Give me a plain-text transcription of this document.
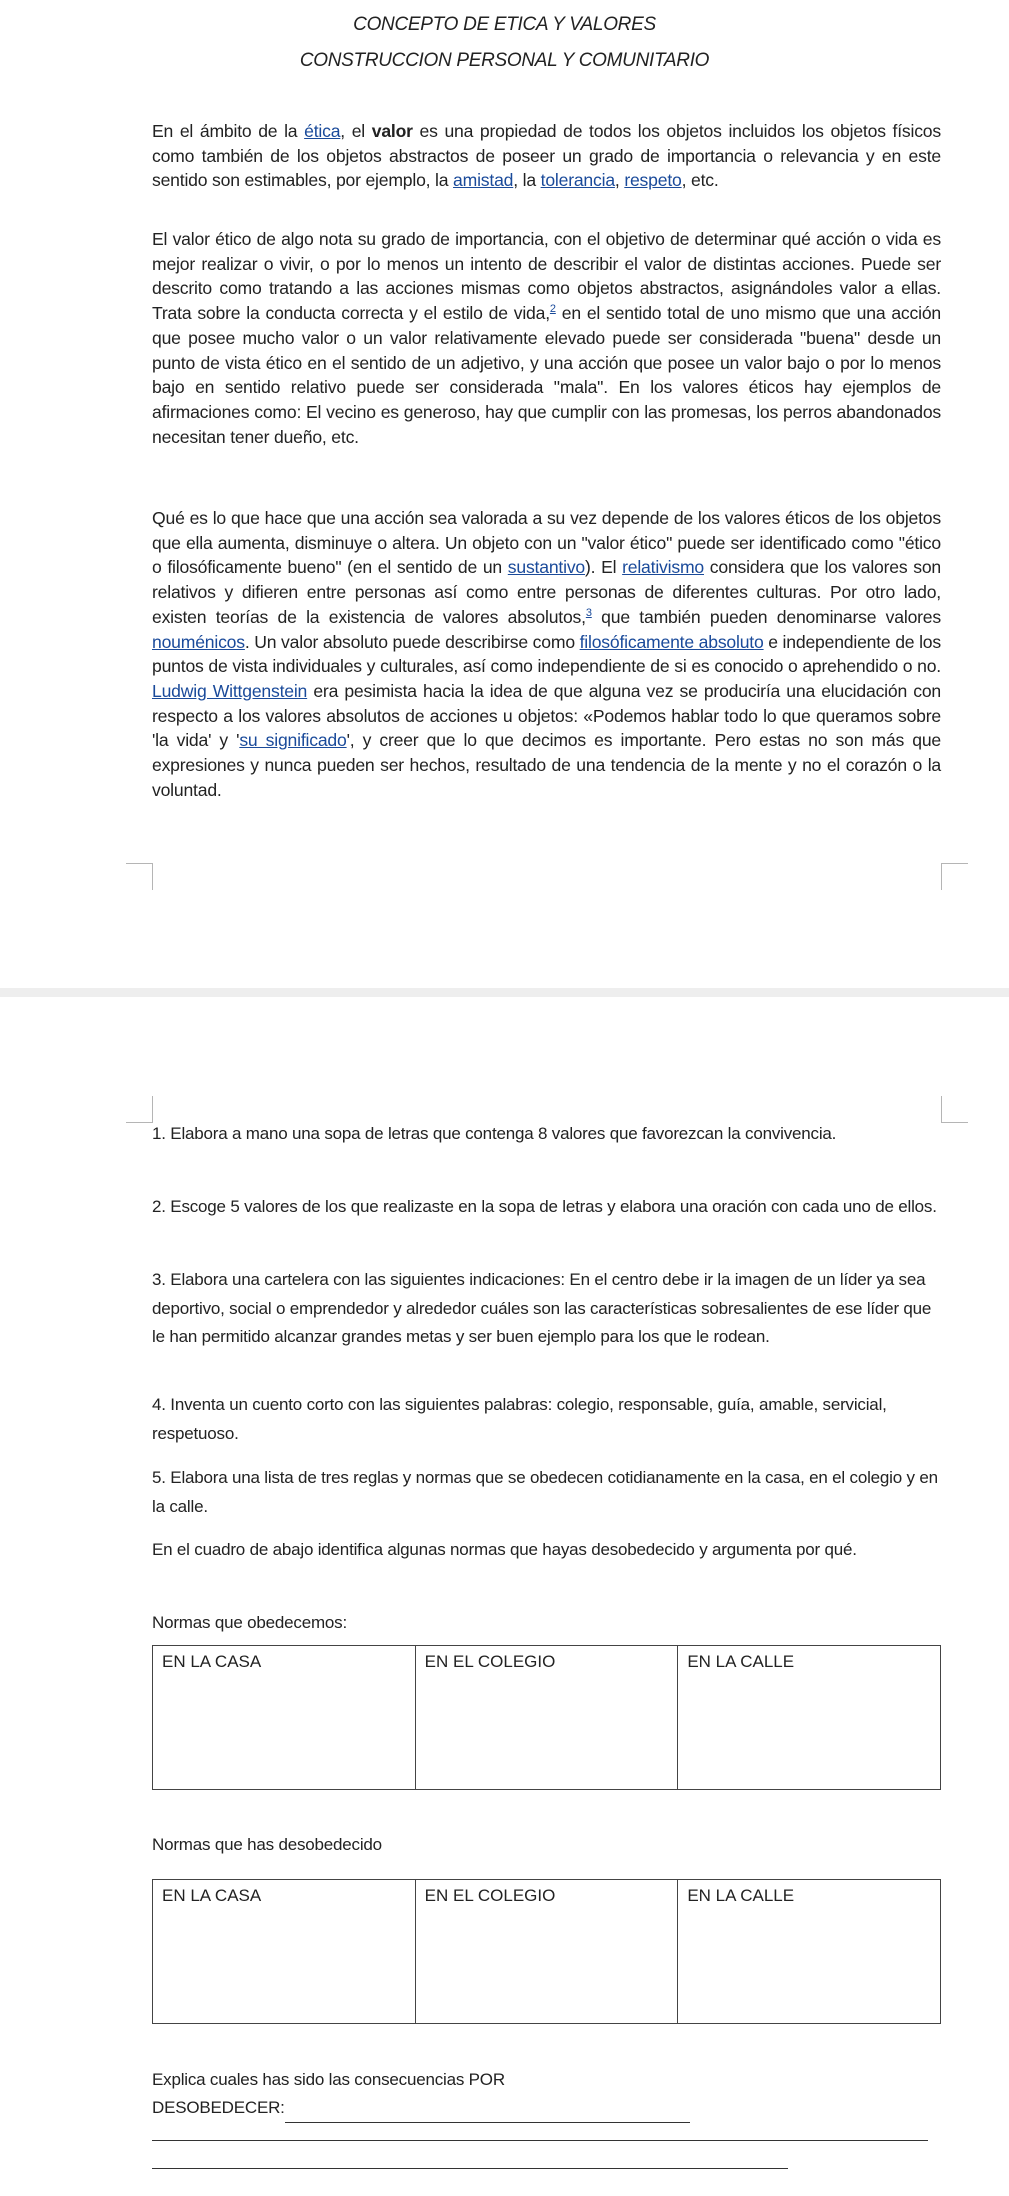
CONCEPTO DE ETICA Y VALORES
CONSTRUCCION PERSONAL Y COMUNITARIO
En el ámbito de la ética, el valor es una propiedad de todos los objetos incluidos los objetos físicos como también de los objetos abstractos de poseer un grado de importancia o relevancia y en este sentido son estimables, por ejemplo, la amistad, la tolerancia, respeto, etc.
El valor ético de algo nota su grado de importancia, con el objetivo de determinar qué acción o vida es mejor realizar o vivir, o por lo menos un intento de describir el valor de distintas acciones. Puede ser descrito como tratando a las acciones mismas como objetos abstractos, asignándoles valor a ellas. Trata sobre la conducta correcta y el estilo de vida,$^2$ en el sentido total de uno mismo que una acción que posee mucho valor o un valor relativamente elevado puede ser considerada "buena" desde un punto de vista ético en el sentido de un adjetivo, y una acción que posee un valor bajo o por lo menos bajo en sentido relativo puede ser considerada "mala". En los valores éticos hay ejemplos de afirmaciones como: El vecino es generoso, hay que cumplir con las promesas, los perros abandonados necesitan tener dueño, etc.
Qué es lo que hace que una acción sea valorada a su vez depende de los valores éticos de los objetos que ella aumenta, disminuye o altera. Un objeto con un "valor ético" puede ser identificado como "ético o filosóficamente bueno" (en el sentido de un sustantivo). El relativismo considera que los valores son relativos y difieren entre personas así como entre personas de diferentes culturas. Por otro lado, existen teorías de la existencia de valores absolutos,$^3$ que también pueden denominarse valores nouménicos. Un valor absoluto puede describirse como filosóficamente absoluto e independiente de los puntos de vista individuales y culturales, así como independiente de si es conocido o aprehendido o no. Ludwig Wittgenstein era pesimista hacia la idea de que alguna vez se produciría una elucidación con respecto a los valores absolutos de acciones u objetos: «Podemos hablar todo lo que queramos sobre 'la vida' y 'su significado', y creer que lo que decimos es importante. Pero estas no son más que expresiones y nunca pueden ser hechos, resultado de una tendencia de la mente y no el corazón o la voluntad.
1. Elabora a mano una sopa de letras que contenga 8 valores que favorezcan la convivencia.
2. Escoge 5 valores de los que realizaste en la sopa de letras y elabora una oración con cada uno de ellos.
3. Elabora una cartelera con las siguientes indicaciones: En el centro debe ir la imagen de un líder ya sea deportivo, social o emprendedor y alrededor cuáles son las características sobresalientes de ese líder que le han permitido alcanzar grandes metas y ser buen ejemplo para los que le rodean.
4. Inventa un cuento corto con las siguientes palabras: colegio, responsable, guía, amable, servicial, respetuoso.
5. Elabora una lista de tres reglas y normas que se obedecen cotidianamente en la casa, en el colegio y en la calle.
En el cuadro de abajo identifica algunas normas que hayas desobedecido y argumenta por qué.
Normas que obedecemos:
EN LA CASA	EN EL COLEGIO	EN LA CALLE
Normas que has desobedecido
EN LA CASA	EN EL COLEGIO	EN LA CALLE
Explica cuales has sido las consecuencias POR
DESOBEDECER:
